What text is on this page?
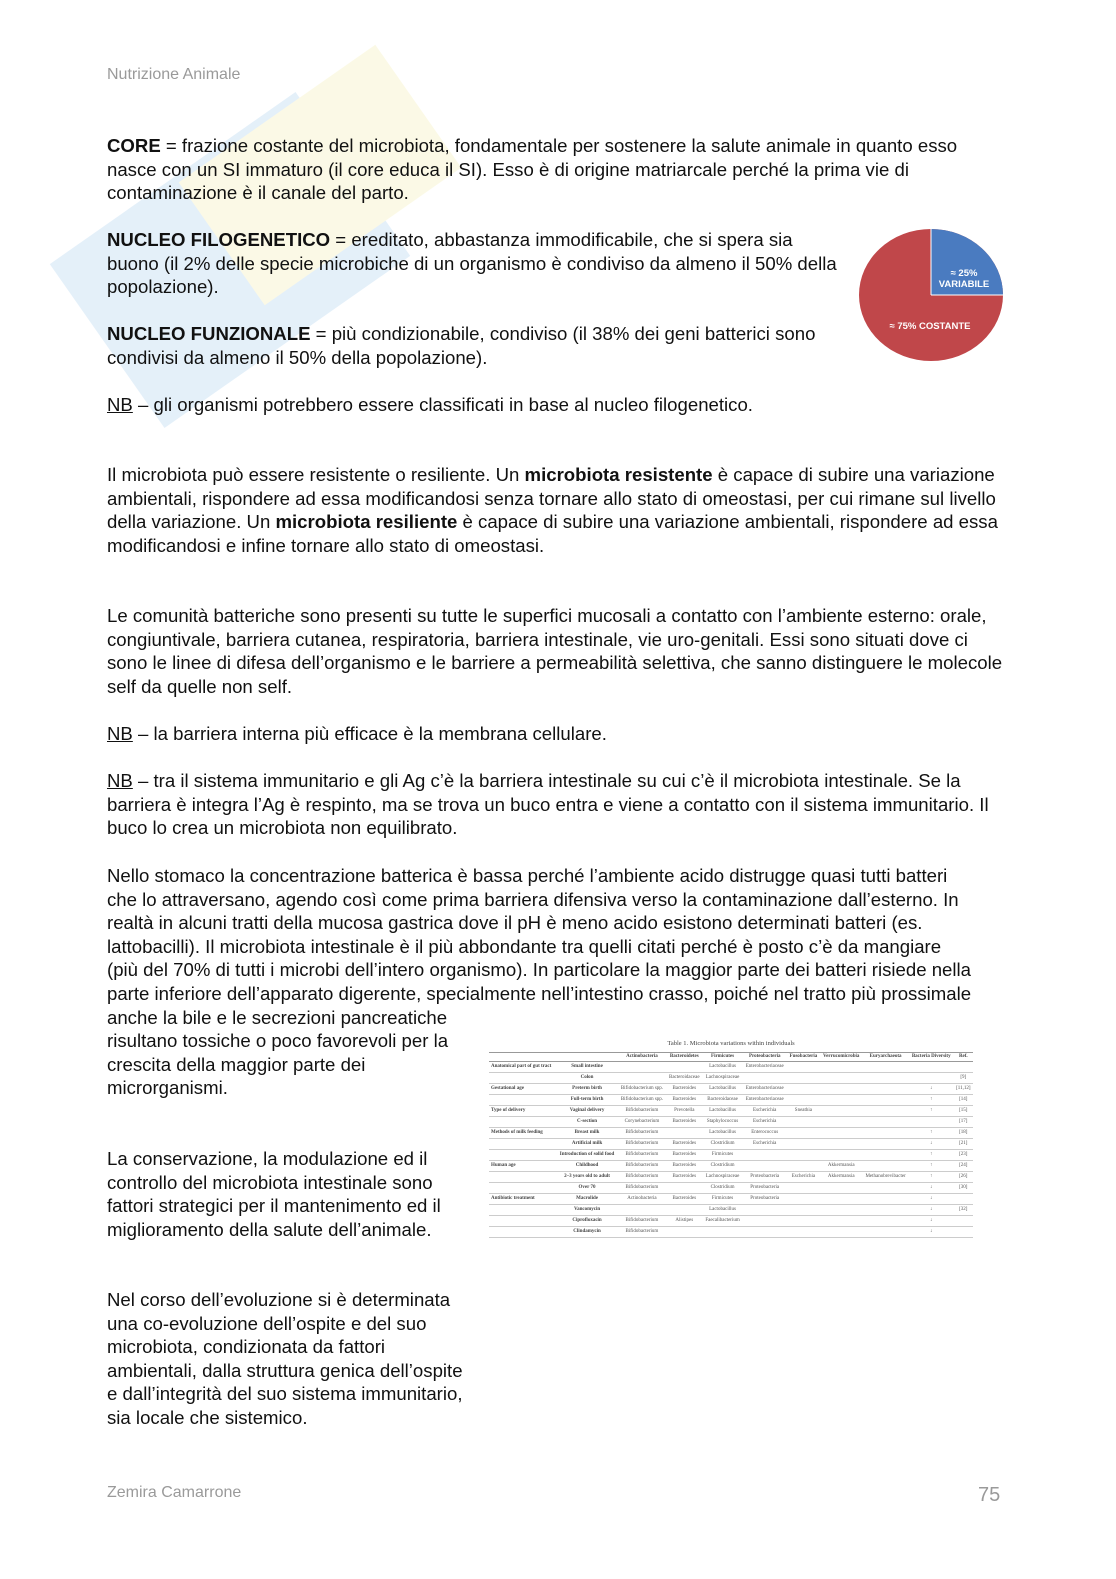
Nutrizione Animale

CORE = frazione costante del microbiota, fondamentale per sostenere la salute animale in quanto esso nasce con un SI immaturo (il core educa il SI). Esso è di origine matriarcale perché la prima vie di contaminazione è il canale del parto.

NUCLEO FILOGENETICO = ereditato, abbastanza immodificabile, che si spera sia buono (il 2% delle specie microbiche di un organismo è condiviso da almeno il 50% della popolazione).

NUCLEO FUNZIONALE = più condizionabile, condiviso (il 38% dei geni batterici sono condivisi da almeno il 50% della popolazione).

NB – gli organismi potrebbero essere classificati in base al nucleo filogenetico.

≈ 25%
VARIABILE
≈ 75% COSTANTE

Il microbiota può essere resistente o resiliente. Un microbiota resistente è capace di subire una variazione ambientali, rispondere ad essa modificandosi senza tornare allo stato di omeostasi, per cui rimane sul livello della variazione. Un microbiota resiliente è capace di subire una variazione ambientali, rispondere ad essa modificandosi e infine tornare allo stato di omeostasi.

Le comunità batteriche sono presenti su tutte le superfici mucosali a contatto con l’ambiente esterno: orale, congiuntivale, barriera cutanea, respiratoria, barriera intestinale, vie uro-genitali. Essi sono situati dove ci sono le linee di difesa dell’organismo e le barriere a permeabilità selettiva, che sanno distinguere le molecole self da quelle non self.

NB – la barriera interna più efficace è la membrana cellulare.

NB – tra il sistema immunitario e gli Ag c’è la barriera intestinale su cui c’è il microbiota intestinale. Se la barriera è integra l’Ag è respinto, ma se trova un buco entra e viene a contatto con il sistema immunitario. Il buco lo crea un microbiota non equilibrato.

Nello stomaco la concentrazione batterica è bassa perché l’ambiente acido distrugge quasi tutti batteri che lo attraversano, agendo così come prima barriera difensiva verso la contaminazione dall’esterno. In realtà in alcuni tratti della mucosa gastrica dove il pH è meno acido esistono determinati batteri (es. lattobacilli). Il microbiota intestinale è il più abbondante tra quelli citati perché è posto c’è da mangiare (più del 70% di tutti i microbi dell’intero organismo). In particolare la maggior parte dei batteri risiede nella parte inferiore dell’apparato digerente, specialmente nell’intestino crasso, poiché nel tratto più prossimale anche la bile e le secrezioni pancreatiche

risultano tossiche o poco favorevoli per la crescita della maggior parte dei microrganismi.

La conservazione, la modulazione ed il controllo del microbiota intestinale sono fattori strategici per il mantenimento ed il miglioramento della salute dell’animale.

Nel corso dell’evoluzione si è determinata una co-evoluzione dell’ospite e del suo microbiota, condizionata da fattori ambientali, dalla struttura genica dell’ospite e dall’integrità del suo sistema immunitario, sia locale che sistemico.

Table 1. Microbiota variations within individuals
		Actinobacteria	Bacteroidetes	Firmicutes	Proteobacteria	Fusobacteria	Verrucomicrobia	Euryarchaeota	Bacteria Diversity	Ref.
Anatomical part of gut tract	Small intestine			Lactobacillus	Enterobacteriaceae					
	Colon		Bacteroidaceae	Lachnospiraceae						[9]
Gestational age	Preterm birth	Bifidobacterium spp.	Bacteroides	Lactobacillus	Enterobacteriaceae				↓	[11,12]
	Full-term birth	Bifidobacterium spp.	Bacteroides	Bacteroidaceae	Enterobacteriaceae				↑	[14]
Type of delivery	Vaginal delivery	Bifidobacterium	Prevotella	Lactobacillus	Escherichia	Sneathia			↑	[15]
	C-section	Corynebacterium	Bacteroides	Staphylococcus	Escherichia					[17]
Methods of milk feeding	Breast milk	Bifidobacterium		Lactobacillus	Enterococcus				↑	[18]
	Artificial milk	Bifidobacterium	Bacteroides	Clostridium	Escherichia				↓	[21]
	Introduction of solid food	Bifidobacterium	Bacteroides	Firmicutes					↑	[23]
Human age	Childhood	Bifidobacterium	Bacteroides	Clostridium			Akkermansia		↑	[24]
	2–3 years old to adult	Bifidobacterium	Bacteroides	Lachnospiraceae	Proteobacteria	Escherichia	Akkermansia	Methanobrevibacter	↑	[26]
	Over 70	Bifidobacterium		Clostridium	Proteobacteria				↓	[30]
Antibiotic treatment	Macrolide	Actinobacteria	Bacteroides	Firmicutes	Proteobacteria				↓	
	Vancomycin			Lactobacillus					↓	[32]
	Ciprofloxacin	Bifidobacterium	Alistipes	Faecalibacterium					↓	
	Clindamycin	Bifidobacterium							↓	
Zemira Camarrone	75
